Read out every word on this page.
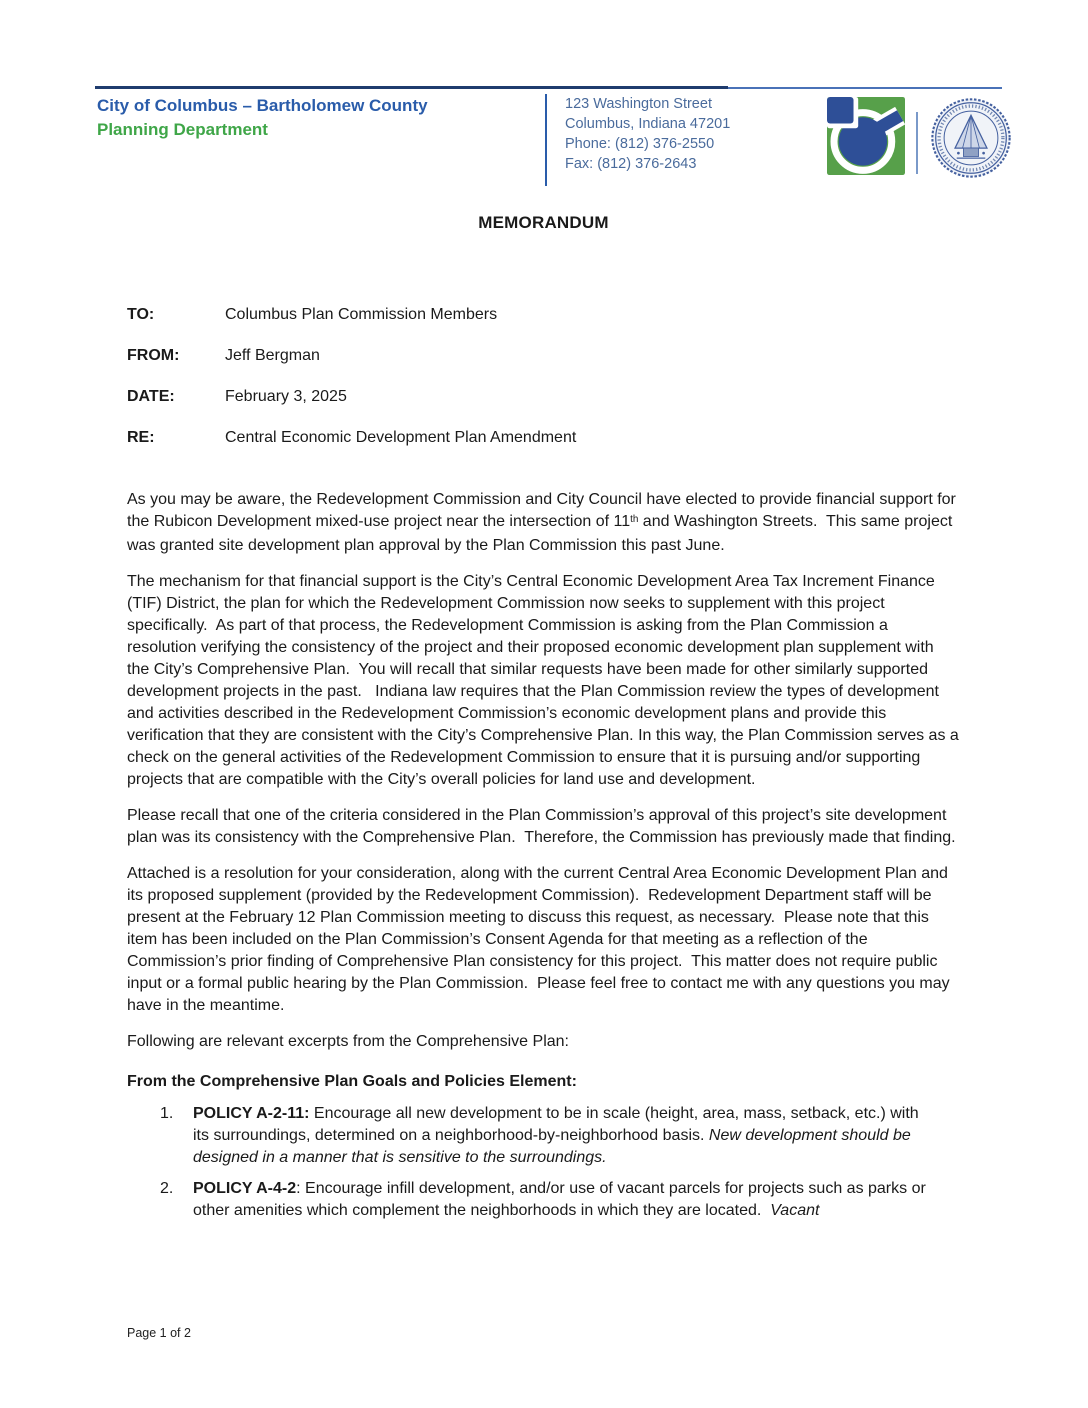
City of Columbus – Bartholomew County
Planning Department
123 Washington Street
Columbus, Indiana 47201
Phone: (812) 376-2550
Fax: (812) 376-2643
MEMORANDUM
TO:	Columbus Plan Commission Members
FROM:	Jeff Bergman
DATE:	February 3, 2025
RE:	Central Economic Development Plan Amendment

As you may be aware, the Redevelopment Commission and City Council have elected to provide financial support for the Rubicon Development mixed-use project near the intersection of 11th and Washington Streets.  This same project was granted site development plan approval by the Plan Commission this past June.

The mechanism for that financial support is the City’s Central Economic Development Area Tax Increment Finance (TIF) District, the plan for which the Redevelopment Commission now seeks to supplement with this project specifically.  As part of that process, the Redevelopment Commission is asking from the Plan Commission a resolution verifying the consistency of the project and their proposed economic development plan supplement with the City’s Comprehensive Plan.  You will recall that similar requests have been made for other similarly supported development projects in the past.   Indiana law requires that the Plan Commission review the types of development and activities described in the Redevelopment Commission’s economic development plans and provide this verification that they are consistent with the City’s Comprehensive Plan. In this way, the Plan Commission serves as a check on the general activities of the Redevelopment Commission to ensure that it is pursuing and/or supporting projects that are compatible with the City’s overall policies for land use and development.

Please recall that one of the criteria considered in the Plan Commission’s approval of this project’s site development plan was its consistency with the Comprehensive Plan.  Therefore, the Commission has previously made that finding.

Attached is a resolution for your consideration, along with the current Central Area Economic Development Plan and its proposed supplement (provided by the Redevelopment Commission).  Redevelopment Department staff will be present at the February 12 Plan Commission meeting to discuss this request, as necessary.  Please note that this item has been included on the Plan Commission’s Consent Agenda for that meeting as a reflection of the Commission’s prior finding of Comprehensive Plan consistency for this project.  This matter does not require public input or a formal public hearing by the Plan Commission.  Please feel free to contact me with any questions you may have in the meantime.

Following are relevant excerpts from the Comprehensive Plan:

From the Comprehensive Plan Goals and Policies Element:
1.	POLICY A-2-11: Encourage all new development to be in scale (height, area, mass, setback, etc.) with its surroundings, determined on a neighborhood-by-neighborhood basis. New development should be designed in a manner that is sensitive to the surroundings.
2.	POLICY A-4-2: Encourage infill development, and/or use of vacant parcels for projects such as parks or other amenities which complement the neighborhoods in which they are located.  Vacant
Page 1 of 2
